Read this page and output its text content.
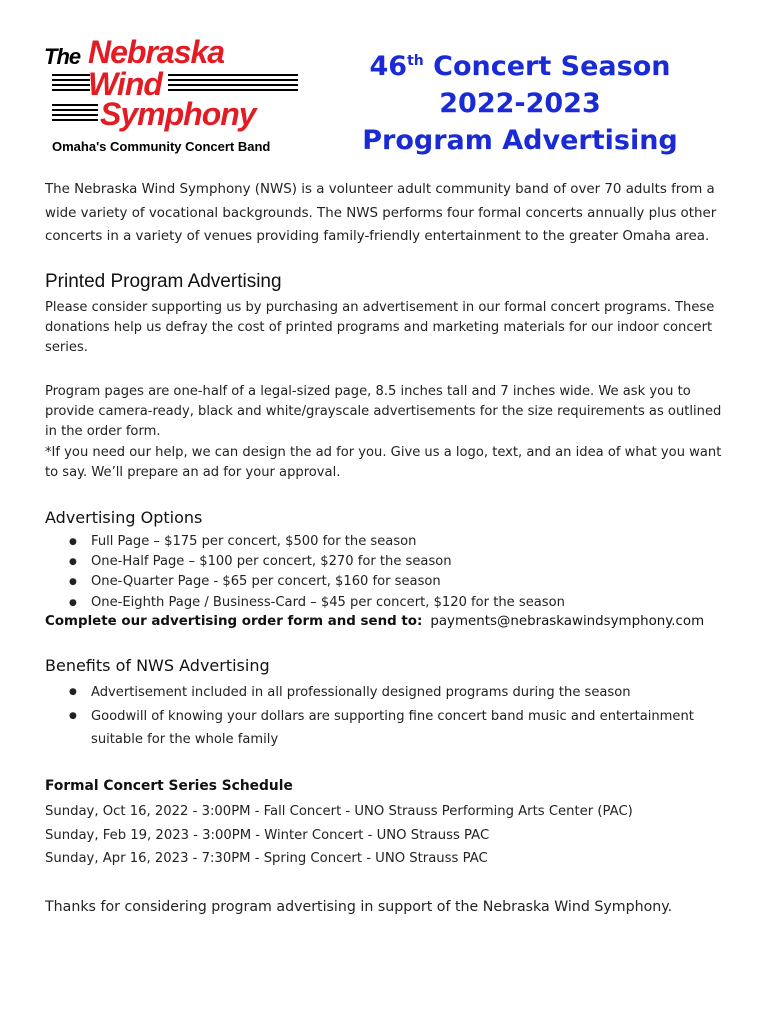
The Nebraska
Wind
Symphony
Omaha's Community Concert Band
46th Concert Season
2022-2023
Program Advertising

The Nebraska Wind Symphony (NWS) is a volunteer adult community band of over 70 adults from a wide variety of vocational backgrounds. The NWS performs four formal concerts annually plus other concerts in a variety of venues providing family-friendly entertainment to the greater Omaha area.

Printed Program Advertising

Please consider supporting us by purchasing an advertisement in our formal concert programs. These donations help us defray the cost of printed programs and marketing materials for our indoor concert series.

Program pages are one-half of a legal-sized page, 8.5 inches tall and 7 inches wide. We ask you to provide camera-ready, black and white/grayscale advertisements for the size requirements as outlined in the order form.

*If you need our help, we can design the ad for you. Give us a logo, text, and an idea of what you want to say. We’ll prepare an ad for your approval.

Advertising Options
● Full Page – $175 per concert, $500 for the season
● One-Half Page – $100 per concert, $270 for the season
● One-Quarter Page - $65 per concert, $160 for season
● One-Eighth Page / Business-Card – $45 per concert, $120 for the season
Complete our advertising order form and send to: payments@nebraskawindsymphony.com
Benefits of NWS Advertising
● Advertisement included in all professionally designed programs during the season
● Goodwill of knowing your dollars are supporting fine concert band music and entertainment suitable for the whole family
Formal Concert Series Schedule
Sunday, Oct 16, 2022 - 3:00PM - Fall Concert - UNO Strauss Performing Arts Center (PAC)
Sunday, Feb 19, 2023 - 3:00PM - Winter Concert - UNO Strauss PAC
Sunday, Apr 16, 2023 - 7:30PM - Spring Concert - UNO Strauss PAC
Thanks for considering program advertising in support of the Nebraska Wind Symphony.
